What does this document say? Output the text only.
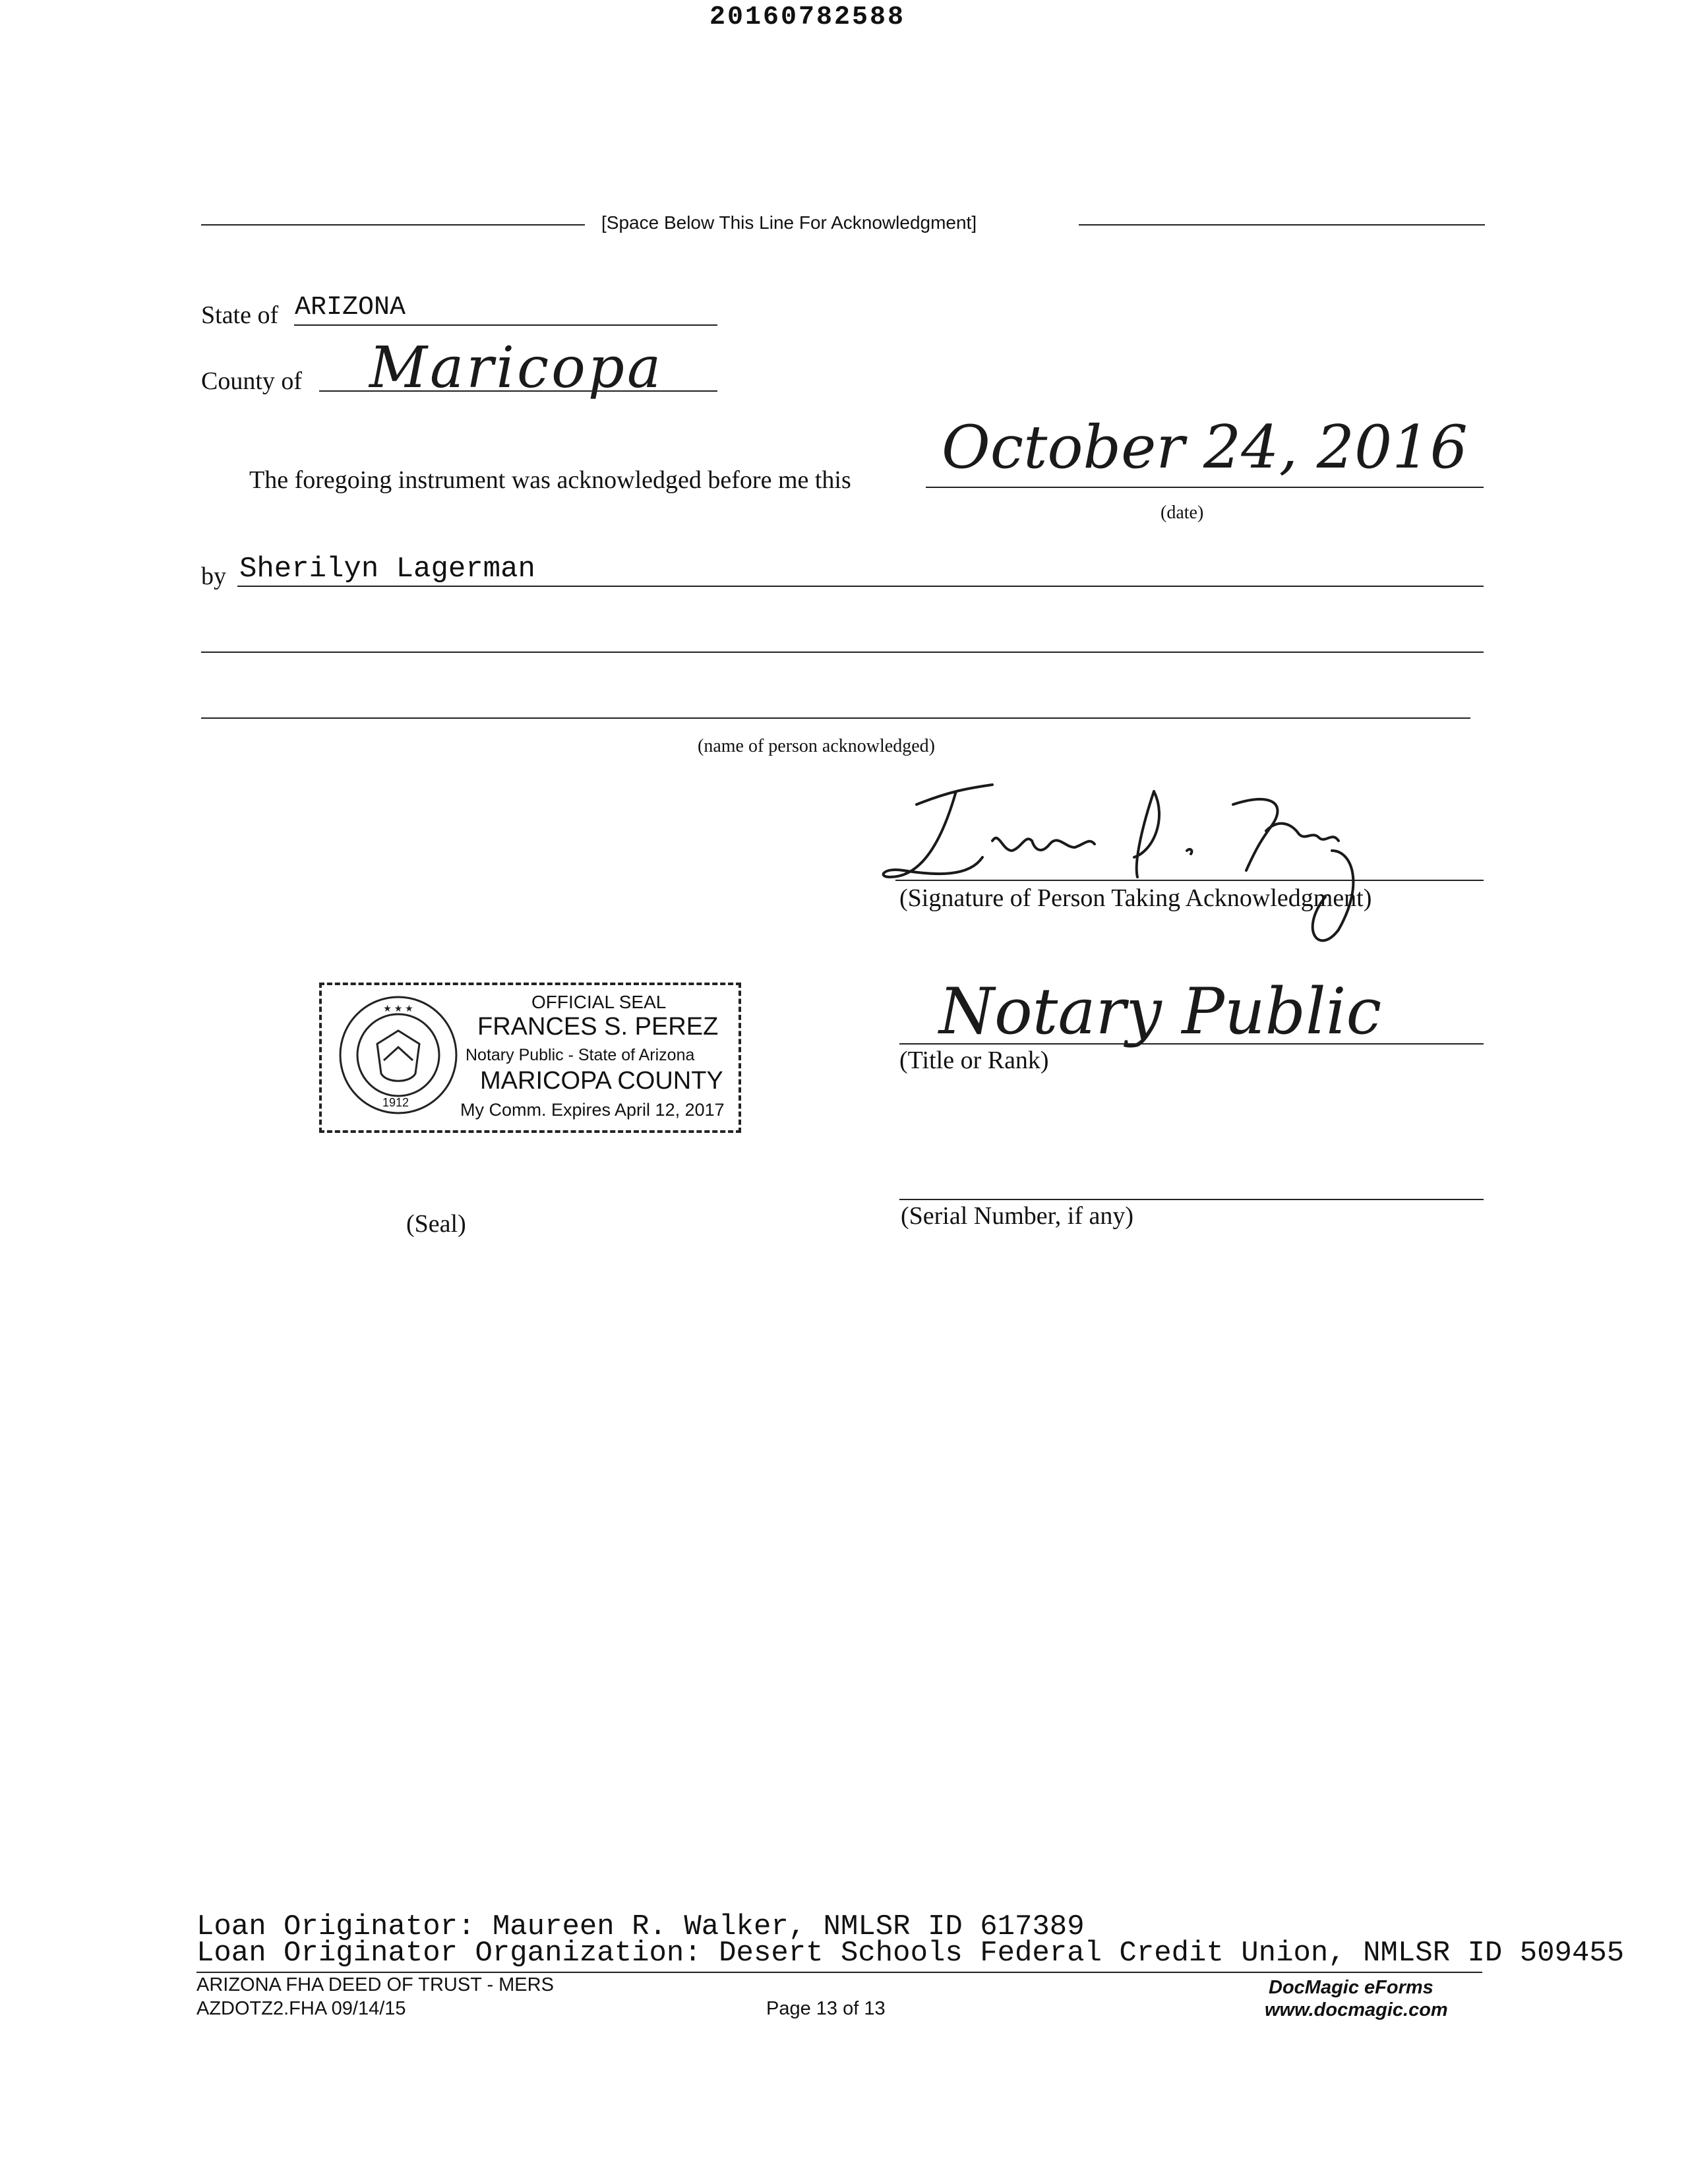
20160782588
[Space Below This Line For Acknowledgment]
State of ARIZONA
County of Maricopa
The foregoing instrument was acknowledged before me this October 24, 2016
(date)
by Sherilyn Lagerman
(name of person acknowledged)
(Signature of Person Taking Acknowledgment)
★ ★ ★
1912
OFFICIAL SEAL
FRANCES S. PEREZ
Notary Public - State of Arizona
MARICOPA COUNTY
My Comm. Expires April 12, 2017
Notary Public
(Title or Rank)
(Serial Number, if any)
(Seal)
Loan Originator: Maureen R. Walker, NMLSR ID 617389
Loan Originator Organization: Desert Schools Federal Credit Union, NMLSR ID 509455
ARIZONA FHA DEED OF TRUST - MERS
AZDOTZ2.FHA 09/14/15	Page 13 of 13
DocMagic eForms
www.docmagic.com
